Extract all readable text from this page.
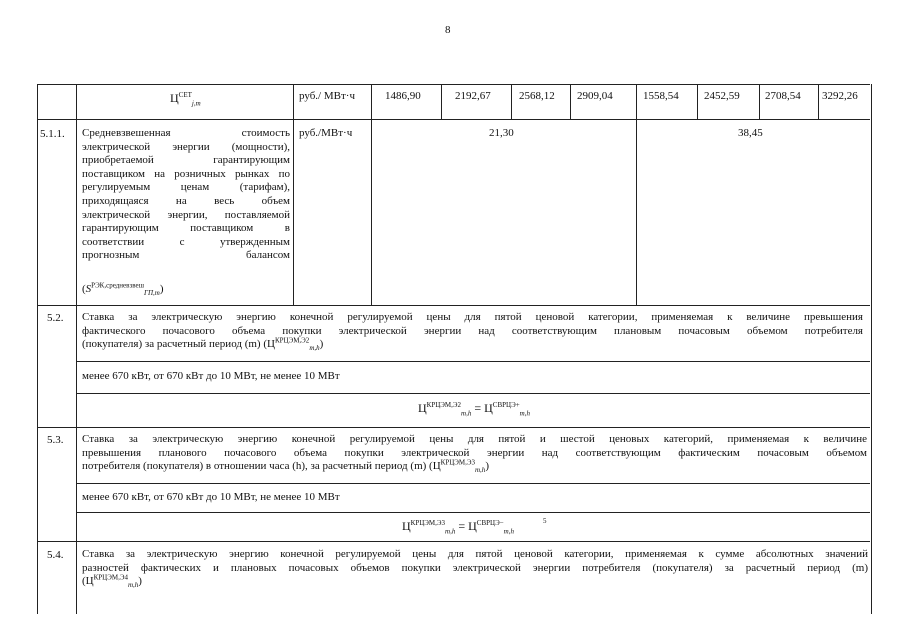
8
$Ц^{СЕТ}_{j,m}$
руб./ МВт·ч	1486,90	2192,67	2568,12 2909,04	1558,54 2452,59 2708,54 3292,26
5.1.1. Средневзвешенная стоимость

электрической энергии (мощности),

приобретаемой гарантирующим

поставщиком на розничных рынках по

регулируемым ценам (тарифам),

приходящаяся на весь объем

электрической энергии, поставляемой

гарантирующим поставщиком в

соответствии с утвержденным

прогнозным балансом

$(S^{РЭК,средневзвеш}_{ГП,m})$
руб./МВт·ч	21,30	38,45
5.2. Ставка за электрическую энергию конечной регулируемой цены для пятой ценовой категории, применяемая к величине превышения

фактического почасового объема покупки электрической энергии над соответствующим плановым почасовым объемом потребителя

(покупателя) за расчетный период (m) $(Ц^{КРЦЭМ,Э2}_{m,h})$

менее 670 кВт, от 670 кВт до 10 МВт, не менее 10 МВт
$Ц^{КРЦЭМ,Э2}_{m,h} = Ц^{СВРЦЭ+}_{m,h}$
5.3. Ставка за электрическую энергию конечной регулируемой цены для пятой и шестой ценовых категорий, применяемая к величине

превышения планового почасового объема покупки электрической энергии над соответствующим фактическим почасовым объемом

потребителя (покупателя) в отношении часа (h), за расчетный период (m) $(Ц^{КРЦЭМ,Э3}_{m,h})$

менее 670 кВт, от 670 кВт до 10 МВт, не менее 10 МВт
$Ц^{КРЦЭМ,Э3}_{m,h} = Ц^{СВРЦЭ-}_{m,h}$
5
5.4. Ставка за электрическую энергию конечной регулируемой цены для пятой ценовой категории, применяемая к сумме абсолютных значений

разностей фактических и плановых почасовых объемов покупки электрической энергии потребителя (покупателя) за расчетный период (m)

$(Ц^{КРЦЭМ,Э4}_{m,h})$
